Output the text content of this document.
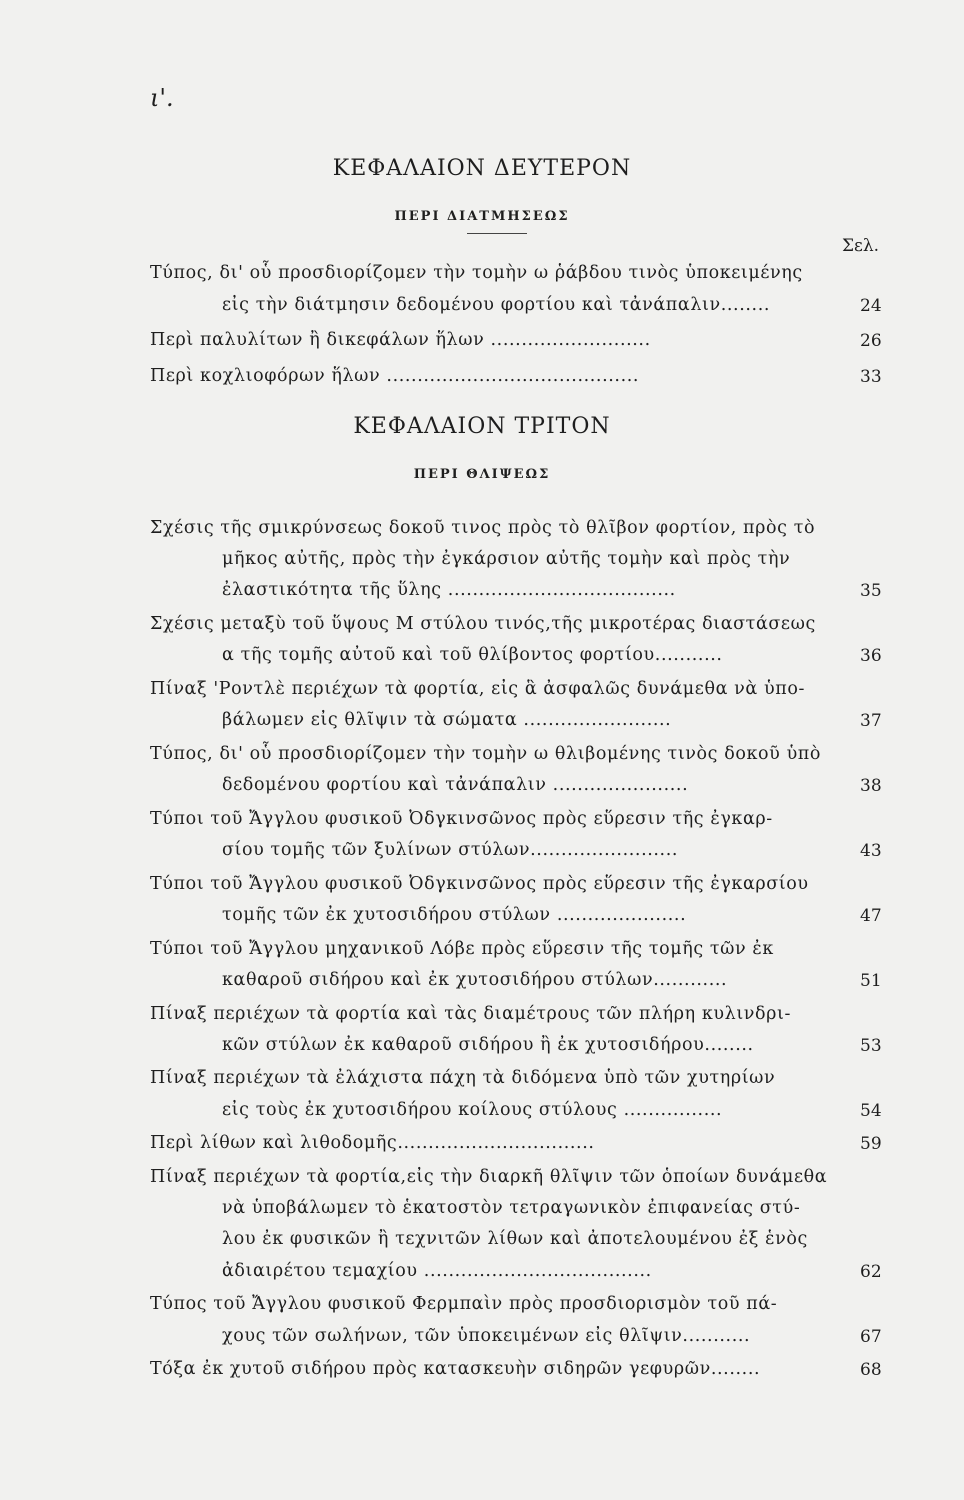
ι'.
ΚΕΦΑΛΑΙΟΝ ΔΕΥΤΕΡΟΝ
ΠΕΡΙ ΔΙΑΤΜΗΣΕΩΣ
Σελ.
ΚΕΦΑΛΑΙΟΝ ΤΡΙΤΟΝ
ΠΕΡΙ ΘΛΙΨΕΩΣ
Τύπος, δι' οὗ προσδιορίζομεν τὴν τομὴν ω ῥάβδου τινὸς ὑποκειμένης
εἰς τὴν διάτμησιν δεδομένου φορτίου καὶ τἀνάπαλιν........	24
Περὶ παλυλίτων ἢ δικεφάλων ἥλων ..........................	26
Περὶ κοχλιοφόρων ἥλων .........................................	33
Σχέσις τῆς σμικρύνσεως δοκοῦ τινος πρὸς τὸ θλῖβον φορτίον, πρὸς τὸ
μῆκος αὐτῆς, πρὸς τὴν ἐγκάρσιον αὐτῆς τομὴν καὶ πρὸς τὴν
ἐλαστικότητα τῆς ὕλης .....................................	35
Σχέσις μεταξὺ τοῦ ὕψους Μ στύλου τινός,τῆς μικροτέρας διαστάσεως
α τῆς τομῆς αὐτοῦ καὶ τοῦ θλίβοντος φορτίου...........	36
Πίναξ 'Ροντλὲ περιέχων τὰ φορτία, εἰς ἃ ἀσφαλῶς δυνάμεθα νὰ ὑπο-
βάλωμεν εἰς θλῖψιν τὰ σώματα ........................	37
Τύπος, δι' οὗ προσδιορίζομεν τὴν τομὴν ω θλιβομένης τινὸς δοκοῦ ὑπὸ
δεδομένου φορτίου καὶ τἀνάπαλιν ......................	38
Τύποι τοῦ Ἄγγλου φυσικοῦ Ὀδγκινσῶνος πρὸς εὕρεσιν τῆς ἐγκαρ-
σίου τομῆς τῶν ξυλίνων στύλων........................	43
Τύποι τοῦ Ἄγγλου φυσικοῦ Ὀδγκινσῶνος πρὸς εὕρεσιν τῆς ἐγκαρσίου
τομῆς τῶν ἐκ χυτοσιδήρου στύλων .....................	47
Τύποι τοῦ Ἄγγλου μηχανικοῦ Λόβε πρὸς εὕρεσιν τῆς τομῆς τῶν ἐκ
καθαροῦ σιδήρου καὶ ἐκ χυτοσιδήρου στύλων............	51
Πίναξ περιέχων τὰ φορτία καὶ τὰς διαμέτρους τῶν πλήρη κυλινδρι-
κῶν στύλων ἐκ καθαροῦ σιδήρου ἢ ἐκ χυτοσιδήρου........	53
Πίναξ περιέχων τὰ ἐλάχιστα πάχη τὰ διδόμενα ὑπὸ τῶν χυτηρίων
εἰς τοὺς ἐκ χυτοσιδήρου κοίλους στύλους ................	54
Περὶ λίθων καὶ λιθοδομῆς................................	59
Πίναξ περιέχων τὰ φορτία,εἰς τὴν διαρκῆ θλῖψιν τῶν ὁποίων δυνάμεθα
νὰ ὑποβάλωμεν τὸ ἑκατοστὸν τετραγωνικὸν ἐπιφανείας στύ-
λου ἐκ φυσικῶν ἢ τεχνιτῶν λίθων καὶ ἀποτελουμένου ἐξ ἑνὸς
ἀδιαιρέτου τεμαχίου .....................................	62
Τύπος τοῦ Ἄγγλου φυσικοῦ Φερμπαὶν πρὸς προσδιορισμὸν τοῦ πά-
χους τῶν σωλήνων, τῶν ὑποκειμένων εἰς θλῖψιν...........	67
Τόξα ἐκ χυτοῦ σιδήρου πρὸς κατασκευὴν σιδηρῶν γεφυρῶν........	68
